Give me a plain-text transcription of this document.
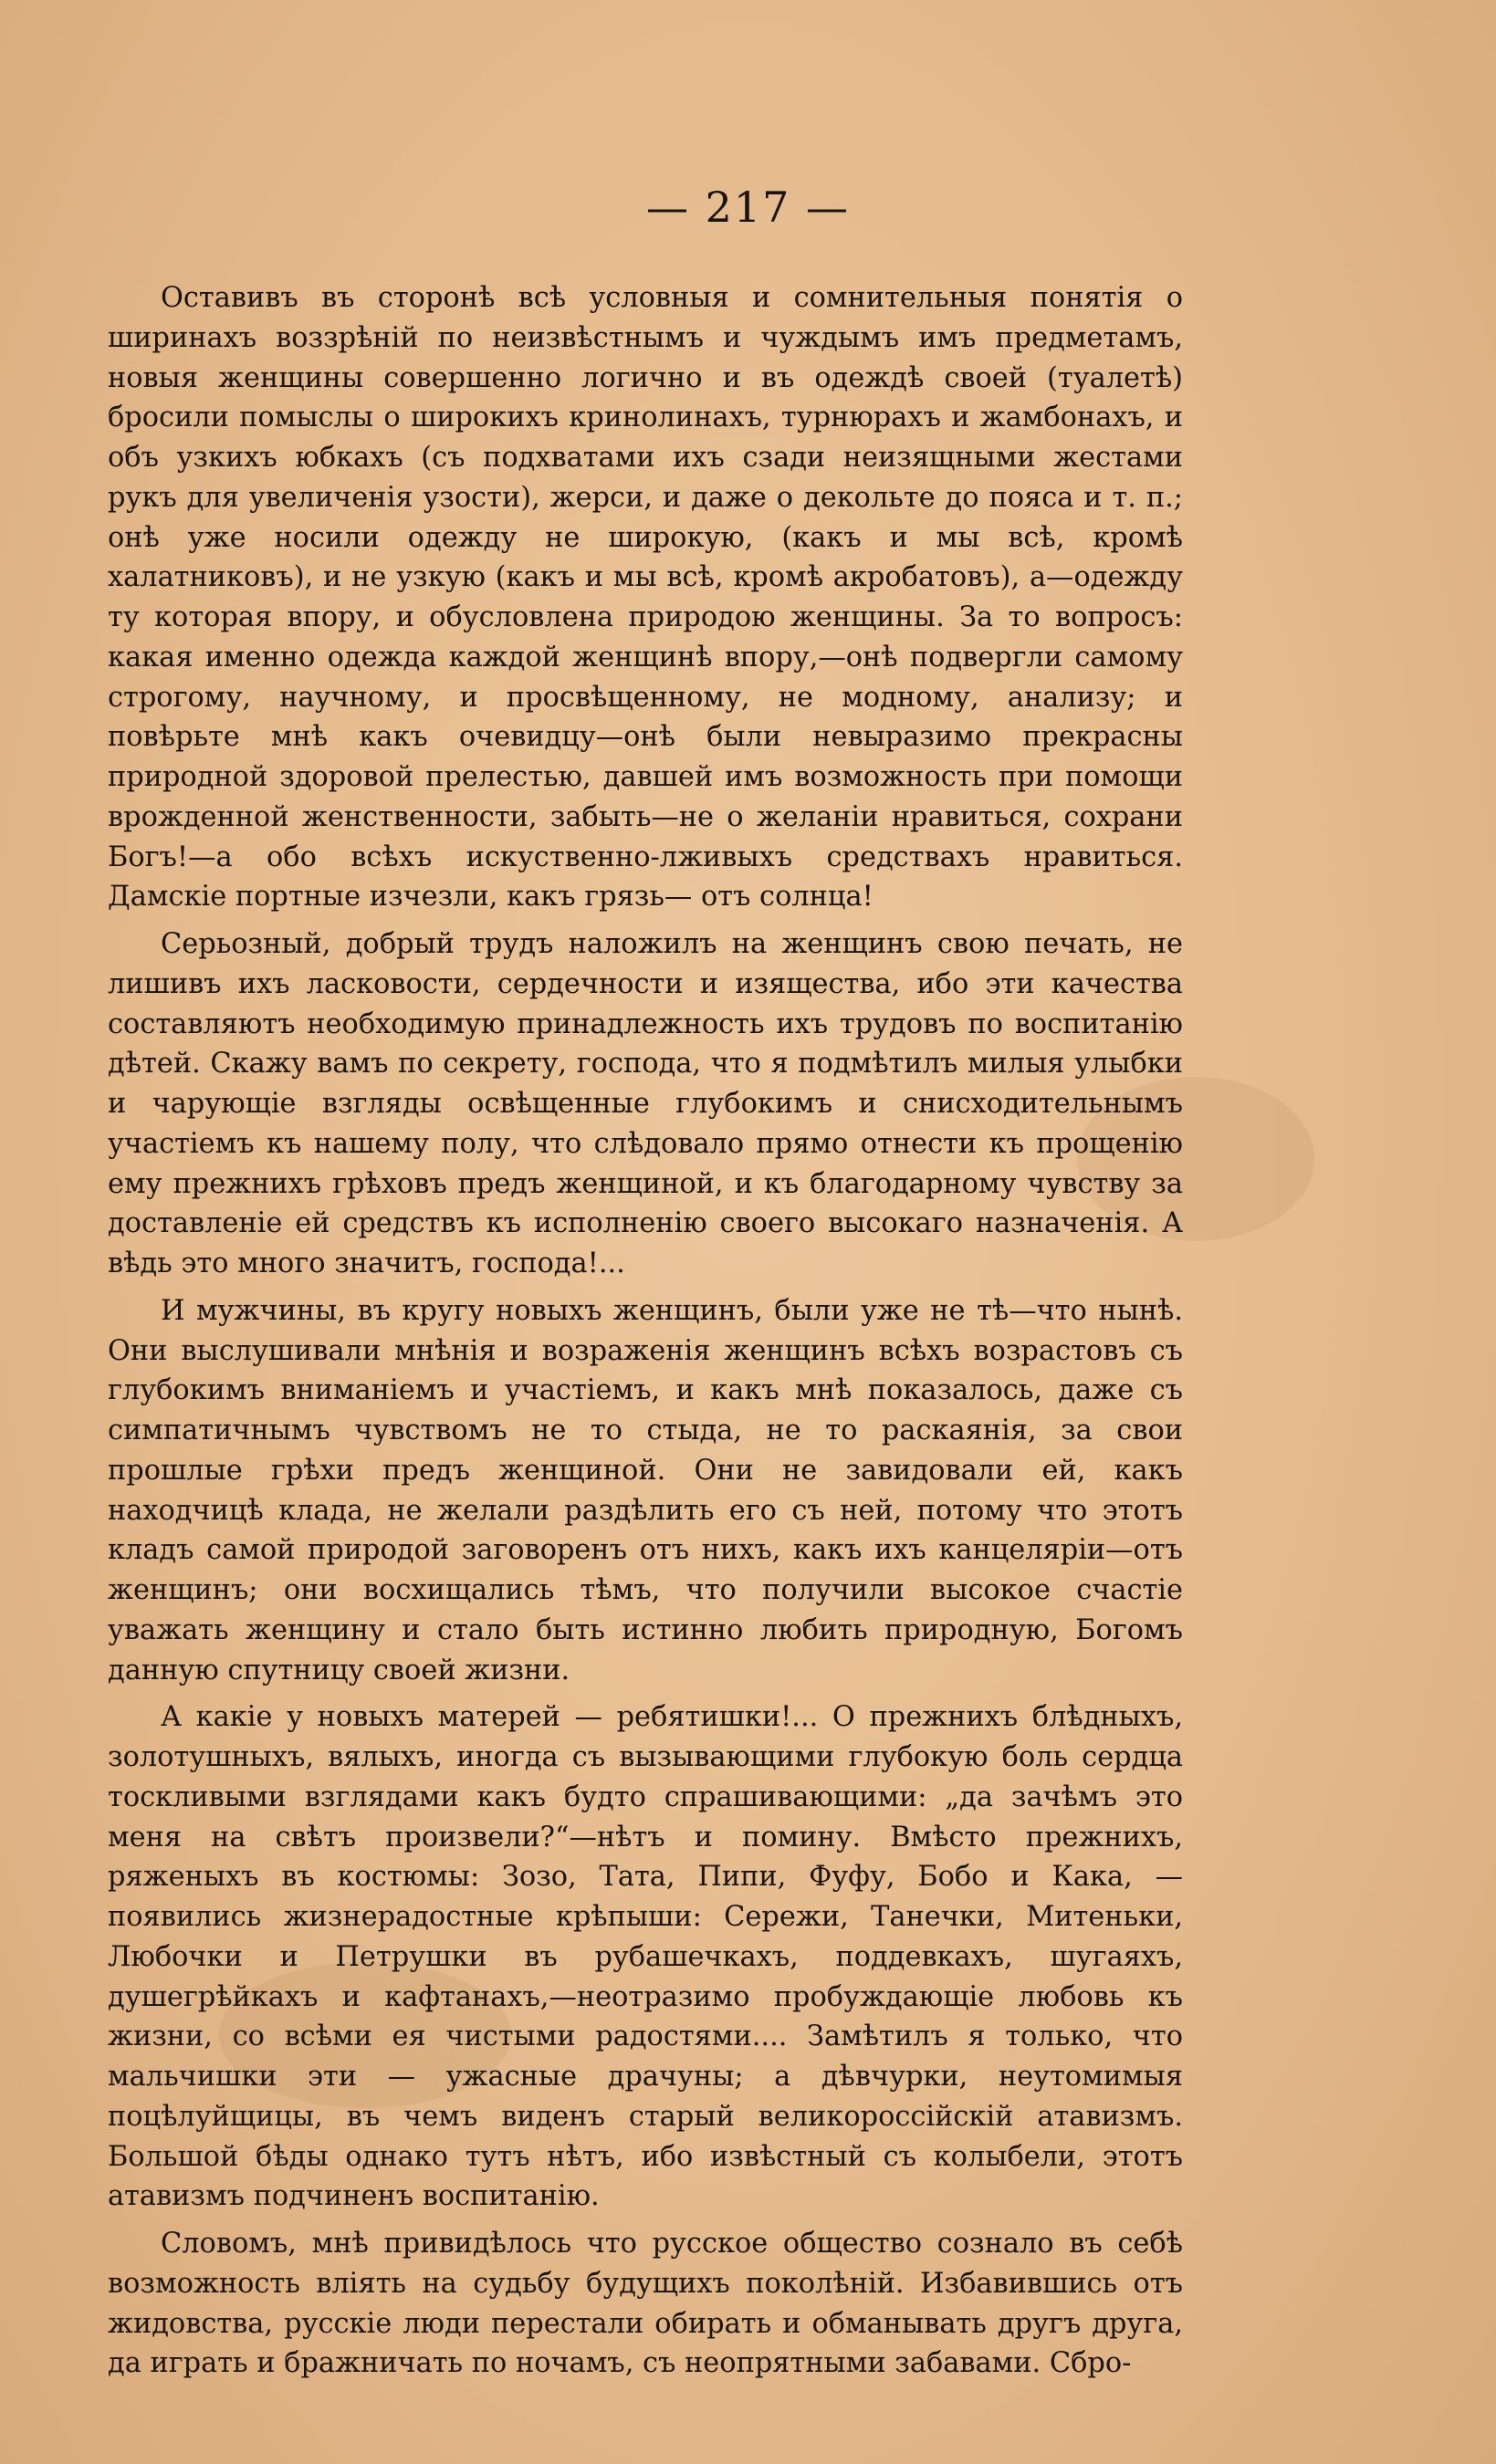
— 217 —

Оставивъ въ сторонѣ всѣ условныя и сомнительныя понятія о ширинахъ воззрѣній по неизвѣстнымъ и чуждымъ имъ предметамъ, новыя женщины совершенно логично и въ одеждѣ своей (туалетѣ) бросили помыслы о широкихъ кринолинахъ, турнюрахъ и жамбонахъ, и объ узкихъ юбкахъ (съ подхватами ихъ сзади неизящными жестами рукъ для увеличенія узости), жерси, и даже о декольте до пояса и т. п.; онѣ уже носили одежду не широкую, (какъ и мы всѣ, кромѣ халатниковъ), и не узкую (какъ и мы всѣ, кромѣ акробатовъ), а—одежду ту которая впору, и обусловлена природою женщины. За то вопросъ: какая именно одежда каждой женщинѣ впору,—онѣ подвергли самому строгому, научному, и просвѣщенному, не модному, анализу; и повѣрьте мнѣ какъ очевидцу—онѣ были невыразимо прекрасны природной здоровой прелестью, давшей имъ возможность при помощи врожденной женственности, забыть—не о желаніи нравиться, сохрани Богъ!—а обо всѣхъ искуственно-лживыхъ средствахъ нравиться. Дамскіе портные изчезли, какъ грязь— отъ солнца!

Серьозный, добрый трудъ наложилъ на женщинъ свою печать, не лишивъ ихъ ласковости, сердечности и изящества, ибо эти качества составляютъ необходимую принадлежность ихъ трудовъ по воспитанію дѣтей. Скажу вамъ по секрету, господа, что я подмѣтилъ милыя улыбки и чарующіе взгляды освѣщенные глубокимъ и снисходительнымъ участіемъ къ нашему полу, что слѣдовало прямо отнести къ прощенію ему прежнихъ грѣховъ предъ женщиной, и къ благодарному чувству за доставленіе ей средствъ къ исполненію своего высокаго назначенія. А вѣдь это много значитъ, господа!...

И мужчины, въ кругу новыхъ женщинъ, были уже не тѣ—что нынѣ. Они выслушивали мнѣнія и возраженія женщинъ всѣхъ возрастовъ съ глубокимъ вниманіемъ и участіемъ, и какъ мнѣ показалось, даже съ симпатичнымъ чувствомъ не то стыда, не то раскаянія, за свои прошлые грѣхи предъ женщиной. Они не завидовали ей, какъ находчицѣ клада, не желали раздѣлить его съ ней, потому что этотъ кладъ самой природой заговоренъ отъ нихъ, какъ ихъ канцеляріи—отъ женщинъ; они восхищались тѣмъ, что получили высокое счастіе уважать женщину и стало быть истинно любить природную, Богомъ данную спутницу своей жизни.

А какіе у новыхъ матерей — ребятишки!... О прежнихъ блѣдныхъ, золотушныхъ, вялыхъ, иногда съ вызывающими глубокую боль сердца тоскливыми взглядами какъ будто спрашивающими: „да зачѣмъ это меня на свѣтъ произвели?“—нѣтъ и помину. Вмѣсто прежнихъ, ряженыхъ въ костюмы: Зозо, Тата, Пипи, Фуфу, Бобо и Кака, — появились жизнерадостные крѣпыши: Сережи, Танечки, Митеньки, Любочки и Петрушки въ рубашечкахъ, поддевкахъ, шугаяхъ, душегрѣйкахъ и кафтанахъ,—неотразимо пробуждающіе любовь къ жизни, со всѣми ея чистыми радостями.... Замѣтилъ я только, что мальчишки эти — ужасные драчуны; а дѣвчурки, неутомимыя поцѣлуйщицы, въ чемъ виденъ старый великоросcійскій атавизмъ. Большой бѣды однако тутъ нѣтъ, ибо извѣстный съ колыбели, этотъ атавизмъ подчиненъ воспитанію.

Словомъ, мнѣ привидѣлось что русское общество сознало въ себѣ возможность вліять на судьбу будущихъ поколѣній. Избавившись отъ жидовства, русскіе люди перестали обирать и обманывать другъ друга, да играть и бражничать по ночамъ, съ неопрятными забавами. Сбро-
